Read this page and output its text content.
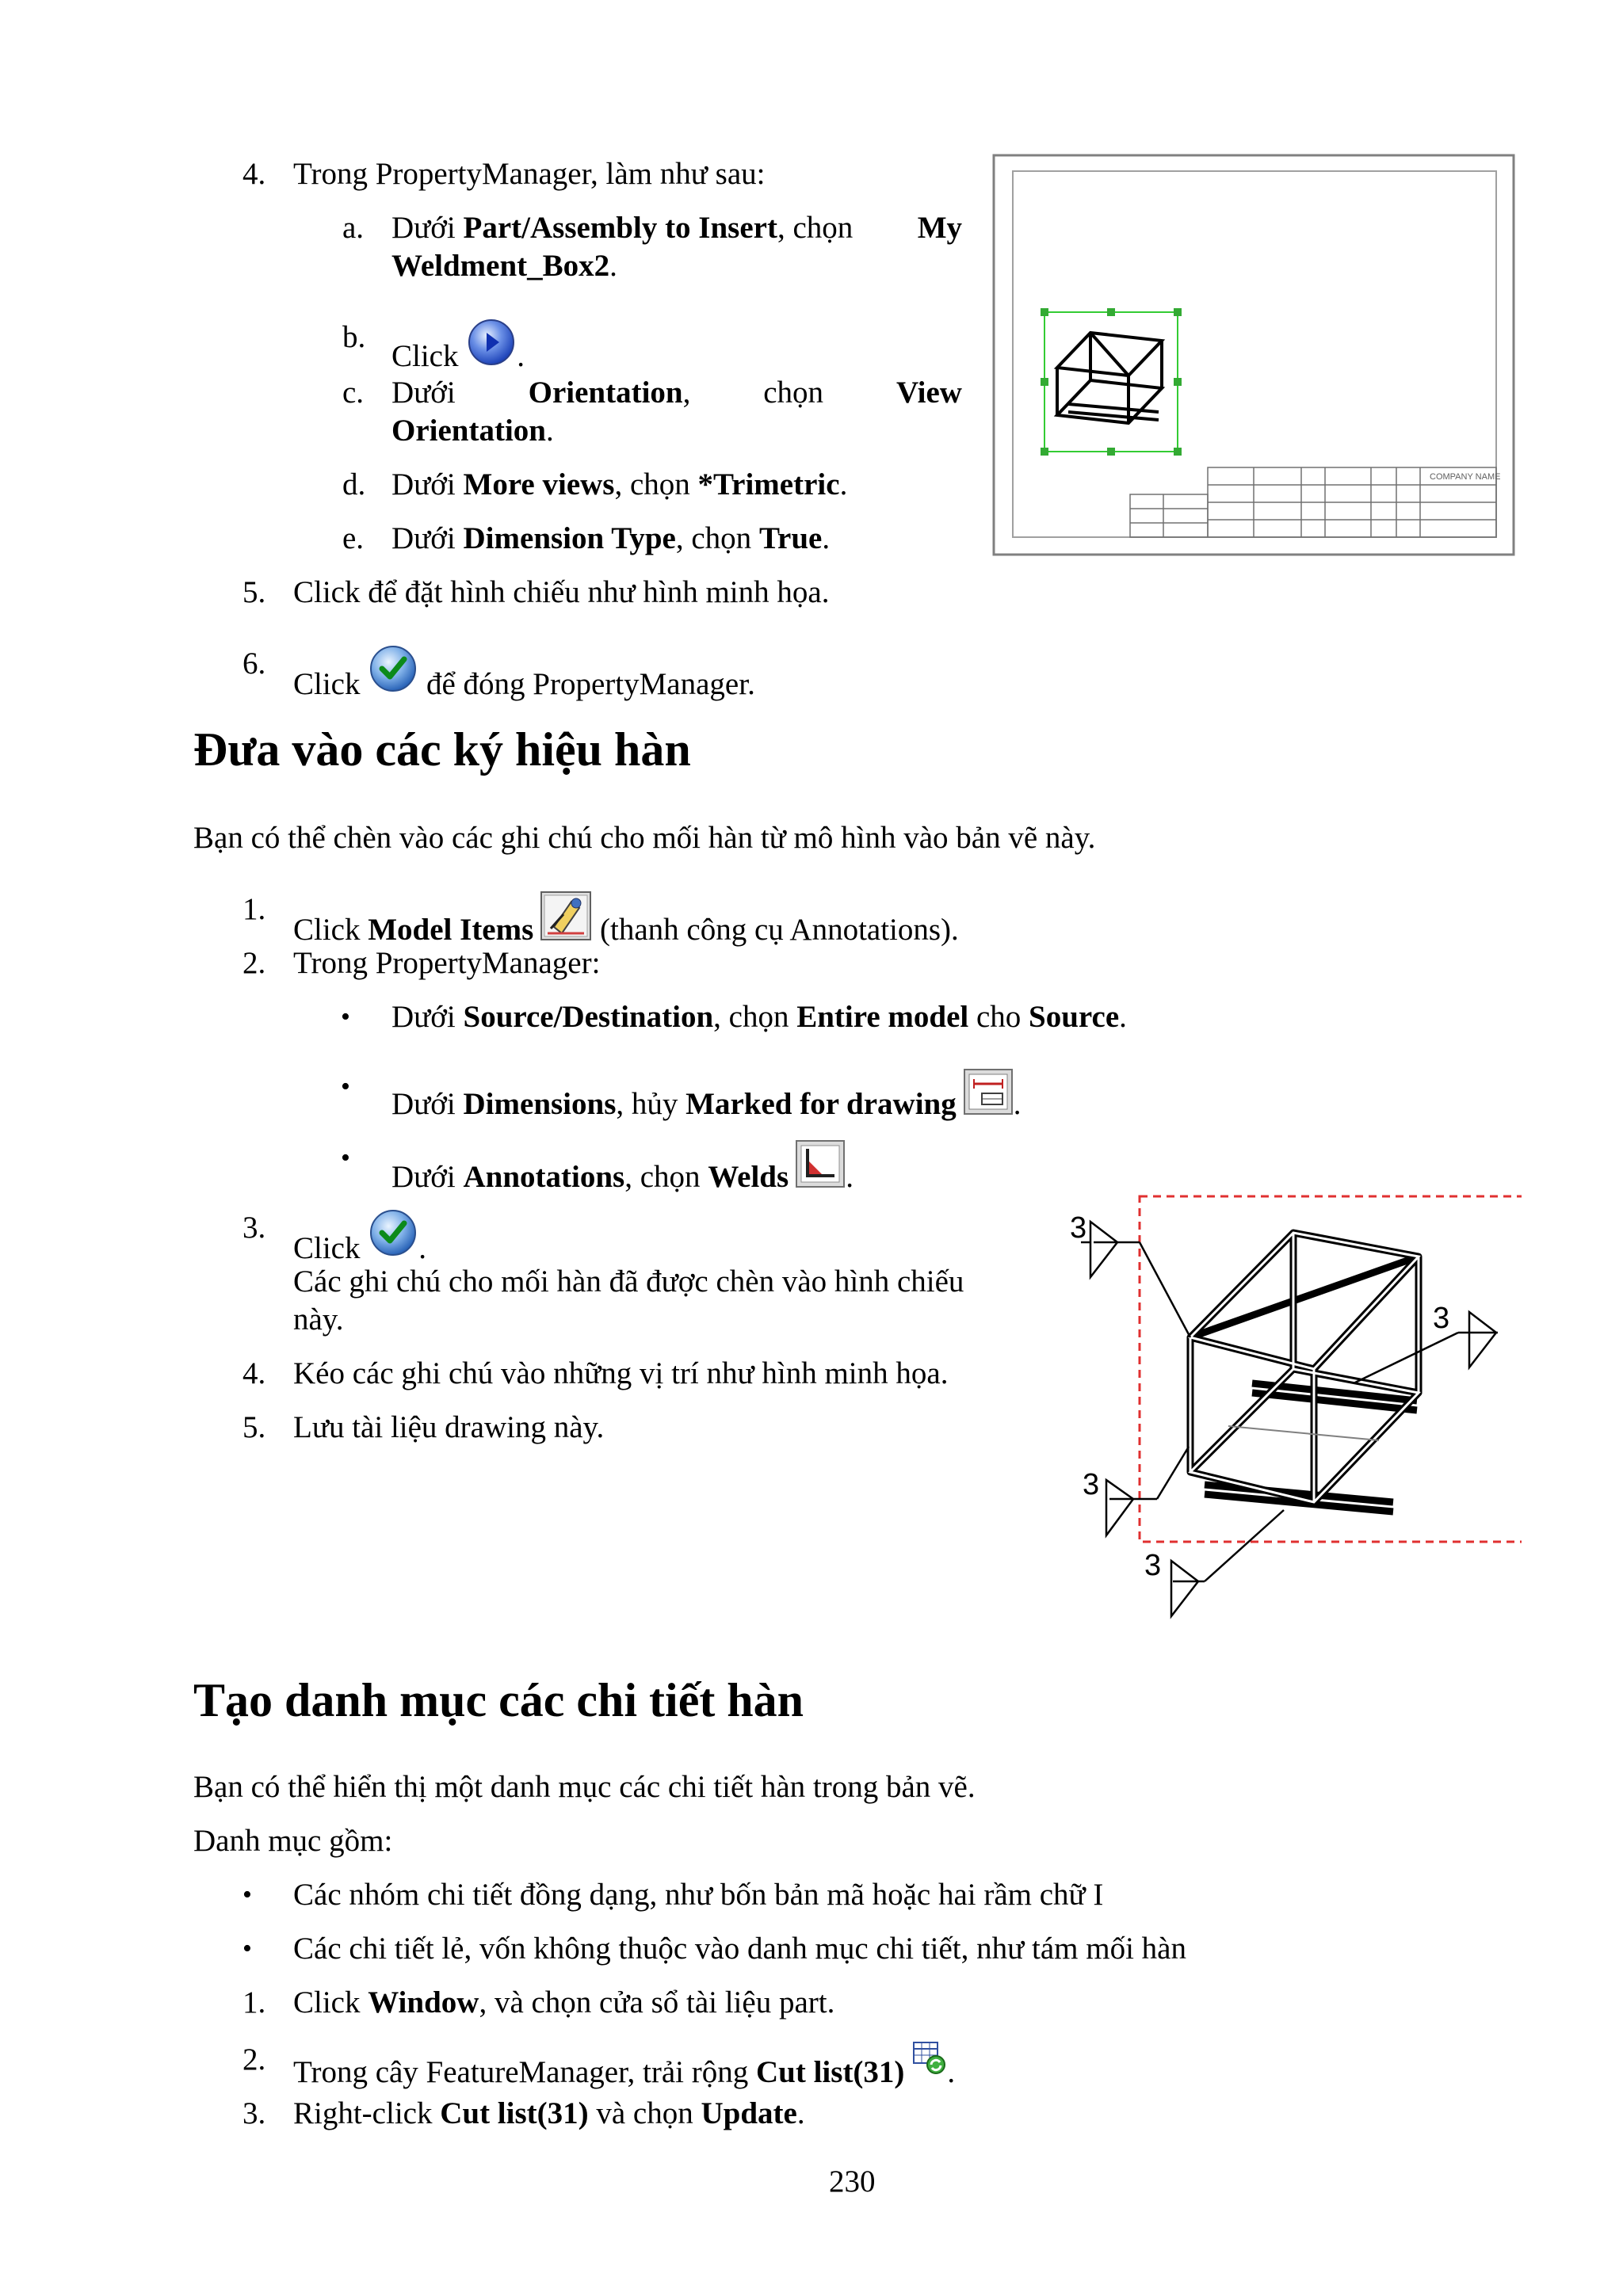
4. Trong PropertyManager, làm như sau:
a. Dưới Part/Assembly to Insert, chọn My
Weldment_Box2.
b.
Click .
c. Dưới Orientation, chọn View
Orientation.
d. Dưới More views, chọn *Trimetric.
e. Dưới Dimension Type, chọn True.
5. Click để đặt hình chiếu như hình minh họa.
6.
Click  để đóng PropertyManager.
COMPANY NAME
Đưa vào các ký hiệu hàn
Bạn có thể chèn vào các ghi chú cho mối hàn từ mô hình vào bản vẽ này.
1.
Click Model Items (thanh công cụ Annotations).
2. Trong PropertyManager:
• Dưới Source/Destination, chọn Entire model cho Source.
•
Dưới Dimensions, hủy Marked for drawing .
•
Dưới Annotations, chọn Welds .
3.
Click .
Các ghi chú cho mối hàn đã được chèn vào hình chiếu
này.
4. Kéo các ghi chú vào những vị trí như hình minh họa.
5. Lưu tài liệu drawing này.
3
3
3
3
Tạo danh mục các chi tiết hàn
Bạn có thể hiển thị một danh mục các chi tiết hàn trong bản vẽ.
Danh mục gồm:
• Các nhóm chi tiết đồng dạng, như bốn bản mã hoặc hai rầm chữ I
• Các chi tiết lẻ, vốn không thuộc vào danh mục chi tiết, như tám mối hàn
1. Click Window, và chọn cửa sổ tài liệu part.
2. Trong cây FeatureManager, trải rộng Cut list(31) .
3. Right-click Cut list(31) và chọn Update.
230
